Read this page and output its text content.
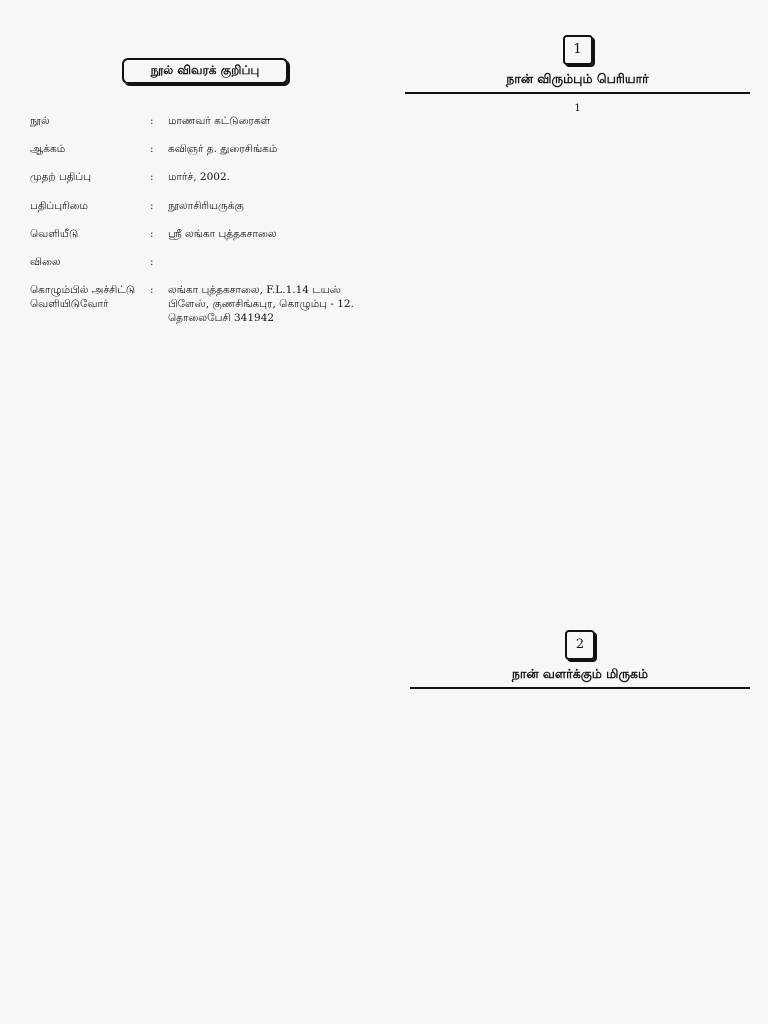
நூல் விவரக் குறிப்பு
நூல்	:	மாணவர் கட்டுரைகள்
ஆக்கம்	:	கவிஞர் த. துரைசிங்கம்
முதற் பதிப்பு	:	மார்ச், 2002.
பதிப்புரிமை	:	நூலாசிரியருக்கு
வெளியீடு	:	ஸ்ரீ லங்கா புத்தகசாலை
விலை	:
கொழும்பில் அச்சிட்டு வெளியிடுவோர்
:	லங்கா புத்தகசாலை, F.L.1.14 டயஸ் பிளேஸ், குணசிங்கபுர, கொழும்பு - 12. தொலைபேசி 341942
1
நான் விரும்பும் பெரியார்

1

2
நான் வளர்க்கும் மிருகம்
